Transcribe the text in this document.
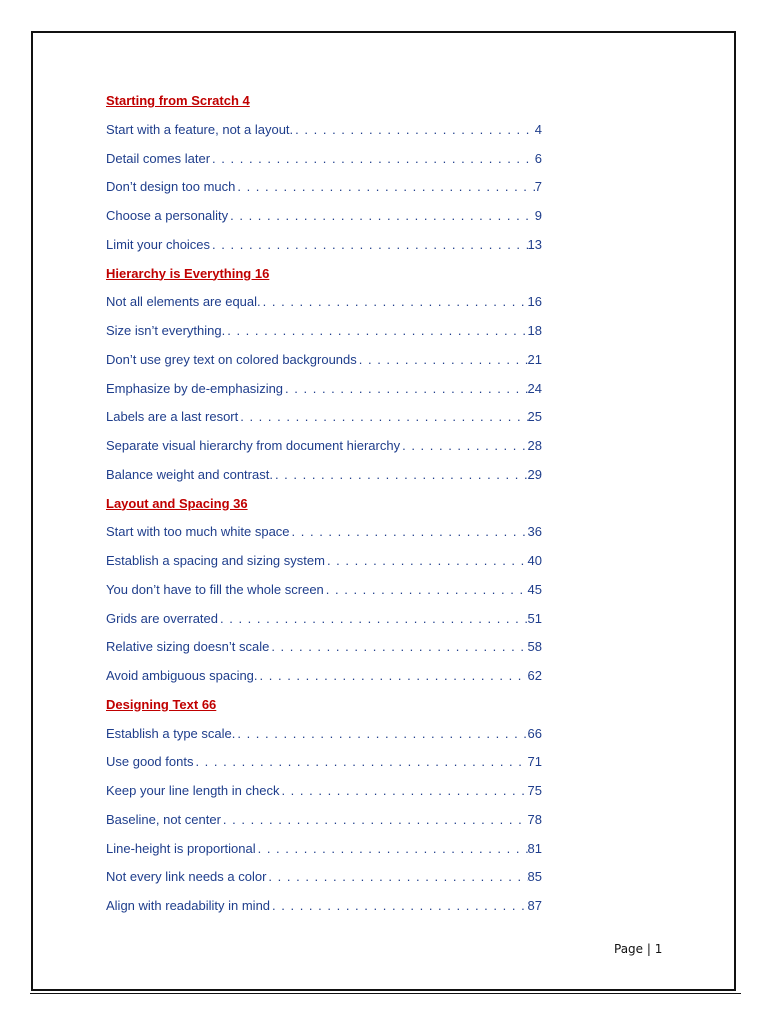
Starting from Scratch 4
Start with a feature, not a layout. . . .	4
Detail comes later . . .	6
Don’t design too much . . .	7
Choose a personality . . .	9
Limit your choices . . .	13
Hierarchy is Everything 16
Not all elements are equal. . . .	16
Size isn’t everything. . . .	18
Don’t use grey text on colored backgrounds . . .	21
Emphasize by de-emphasizing . . .	24
Labels are a last resort . . .	25
Separate visual hierarchy from document hierarchy . . .	28
Balance weight and contrast. . . .	29
Layout and Spacing 36
Start with too much white space . . .	36
Establish a spacing and sizing system . . .	40
You don’t have to fill the whole screen . . .	45
Grids are overrated . . .	51
Relative sizing doesn’t scale . . .	58
Avoid ambiguous spacing. . . .	62
Designing Text 66
Establish a type scale. . . .	66
Use good fonts . . .	71
Keep your line length in check . . .	75
Baseline, not center . . .	78
Line-height is proportional . . .	81
Not every link needs a color . . .	85
Align with readability in mind . . .	87
Page | 1
